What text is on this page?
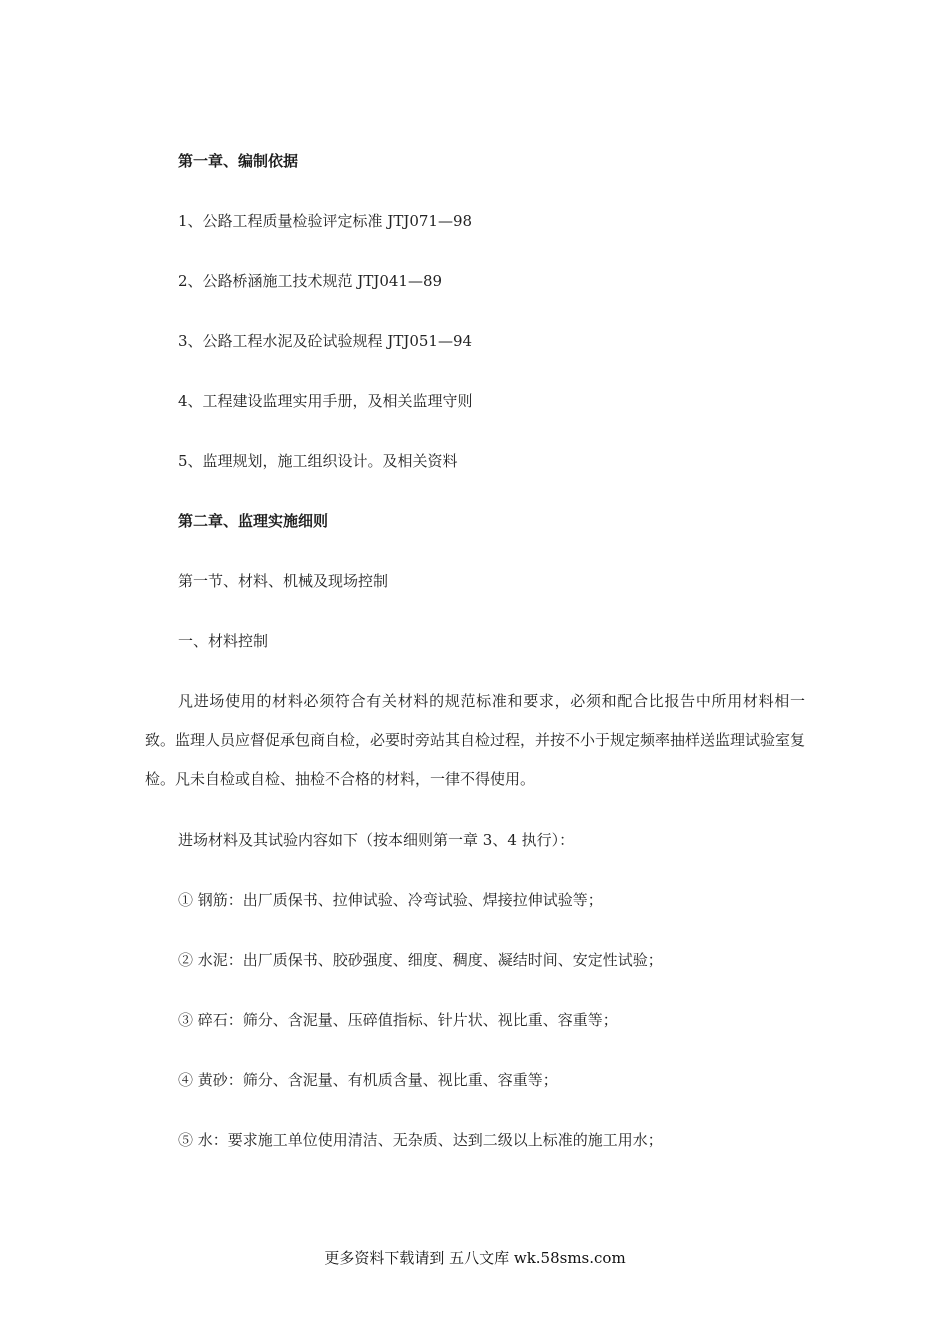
第一章、编制依据
1、公路工程质量检验评定标准 JTJ071—98
2、公路桥涵施工技术规范 JTJ041—89
3、公路工程水泥及砼试验规程 JTJ051—94
4、工程建设监理实用手册，及相关监理守则
5、监理规划，施工组织设计。及相关资料
第二章、监理实施细则
第一节、材料、机械及现场控制
一、材料控制
凡进场使用的材料必须符合有关材料的规范标准和要求，必须和配合比报告中所用材料相一致。监理人员应督促承包商自检，必要时旁站其自检过程，并按不小于规定频率抽样送监理试验室复检。凡未自检或自检、抽检不合格的材料，一律不得使用。
进场材料及其试验内容如下（按本细则第一章 3、4 执行）：
① 钢筋：出厂质保书、拉伸试验、冷弯试验、焊接拉伸试验等；
② 水泥：出厂质保书、胶砂强度、细度、稠度、凝结时间、安定性试验；
③ 碎石：筛分、含泥量、压碎值指标、针片状、视比重、容重等；
④ 黄砂：筛分、含泥量、有机质含量、视比重、容重等；
⑤ 水：要求施工单位使用清洁、无杂质、达到二级以上标准的施工用水；
更多资料下载请到 五八文库 wk.58sms.com
